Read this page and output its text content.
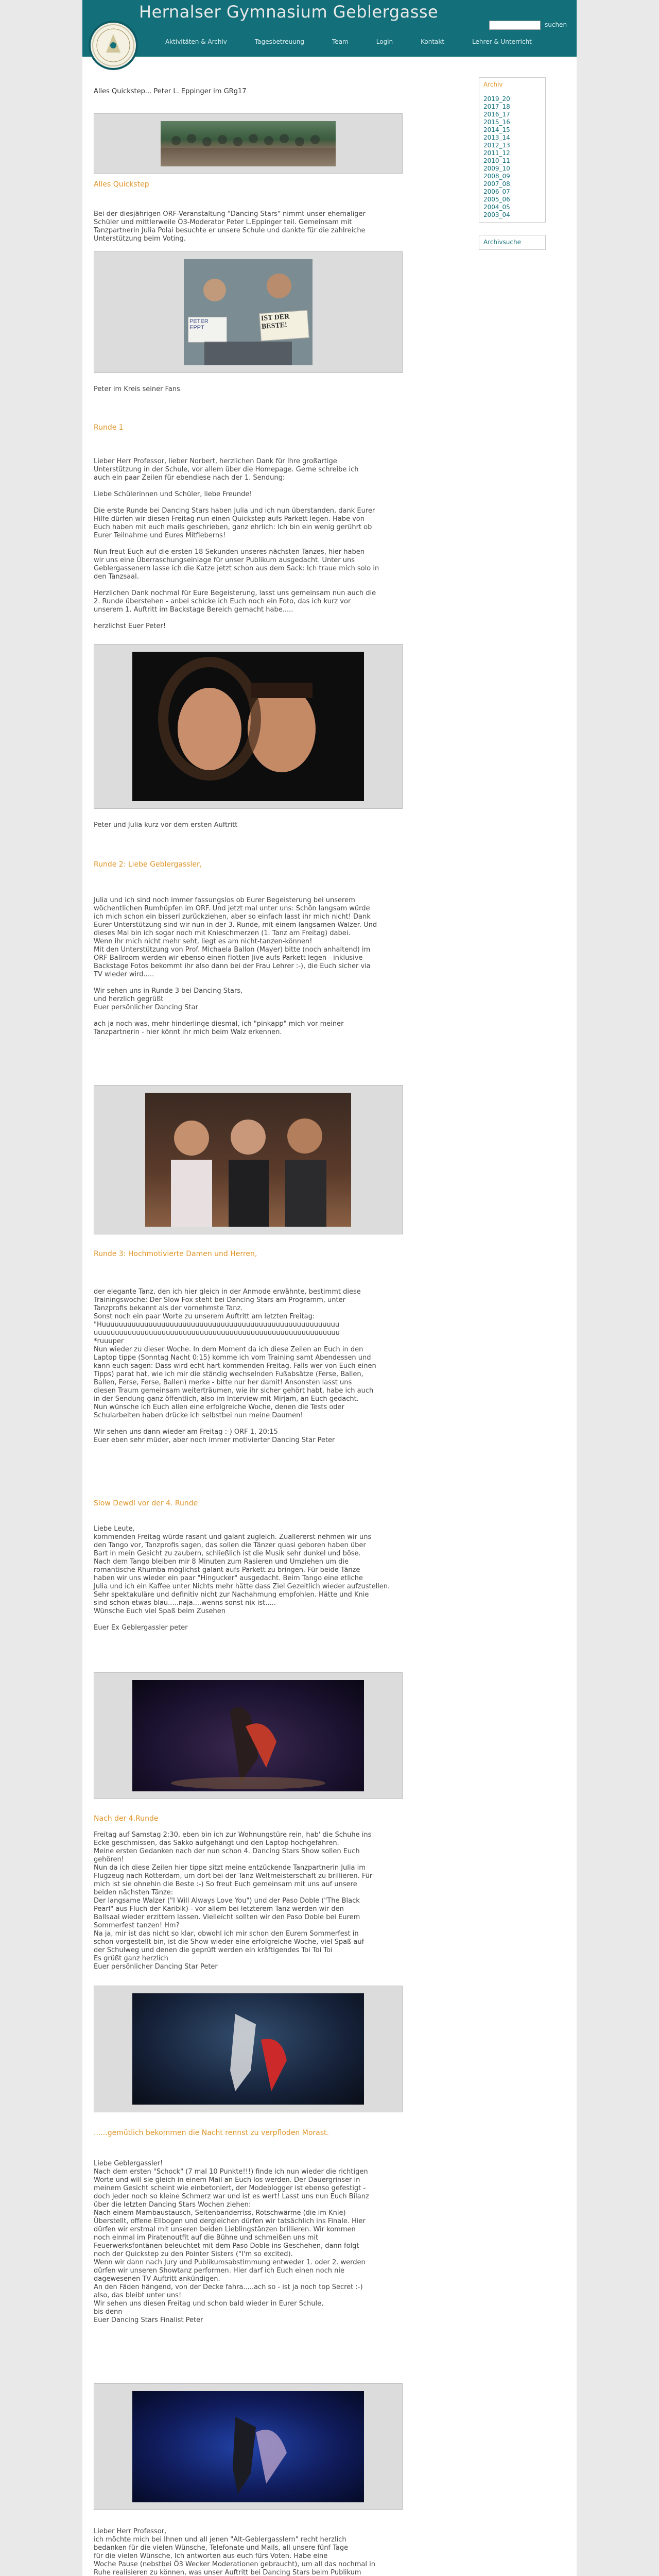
Hernalser Gymnasium Geblergasse
suchen
Aktivitäten & Archiv	Tagesbetreuung	Team	Login	Kontakt	Lehrer & Unterricht
Archiv
2019_20
2017_18
2016_17
2015_16
2014_15
2013_14
2012_13
2011_12
2010_11
2009_10
2008_09
2007_08
2006_07
2005_06
2004_05
2003_04
Archivsuche
Alles Quickstep... Peter L. Eppinger im GRg17
Alles Quickstep
Bei der diesjährigen ORF-Veranstaltung "Dancing Stars" nimmt unser ehemaliger
Schüler und mittlerweile Ö3-Moderator Peter L.Eppinger teil. Gemeinsam mit
Tanzpartnerin Julia Polai besuchte er unsere Schule und dankte für die zahlreiche
Unterstützung beim Voting.
PETER
EPPT
IST DER
BESTE!
Peter im Kreis seiner Fans
Runde 1
Lieber Herr Professor, lieber Norbert, herzlichen Dank für Ihre großartige
Unterstützung in der Schule, vor allem über die Homepage. Gerne schreibe ich
auch ein paar Zeilen für ebendiese nach der 1. Sendung:

Liebe Schülerinnen und Schüler, liebe Freunde!

Die erste Runde bei Dancing Stars haben Julia und ich nun überstanden, dank Eurer
Hilfe dürfen wir diesen Freitag nun einen Quickstep aufs Parkett legen. Habe von
Euch haben mit euch mails geschrieben, ganz ehrlich: Ich bin ein wenig gerührt ob
Eurer Teilnahme und Eures Mitfieberns!

Nun freut Euch auf die ersten 18 Sekunden unseres nächsten Tanzes, hier haben
wir uns eine Überraschungseinlage für unser Publikum ausgedacht. Unter uns
Geblergassenern lasse ich die Katze jetzt schon aus dem Sack: Ich traue mich solo in
den Tanzsaal.

Herzlichen Dank nochmal für Eure Begeisterung, lasst uns gemeinsam nun auch die
2. Runde überstehen - anbei schicke ich Euch noch ein Foto, das ich kurz vor
unserem 1. Auftritt im Backstage Bereich gemacht habe.....

herzlichst Euer Peter!
Peter und Julia kurz vor dem ersten Auftritt
Runde 2: Liebe Geblergassler,
Julia und ich sind noch immer fassungslos ob Eurer Begeisterung bei unserem
wöchentlichen Rumhüpfen im ORF. Und jetzt mal unter uns: Schön langsam würde
ich mich schon ein bisserl zurückziehen, aber so einfach lasst ihr mich nicht! Dank
Eurer Unterstützung sind wir nun in der 3. Runde, mit einem langsamen Walzer. Und
dieses Mal bin ich sogar noch mit Knieschmerzen (1. Tanz am Freitag) dabei.
Wenn ihr mich nicht mehr seht, liegt es am nicht-tanzen-können!
Mit den Unterstützung von Prof. Michaela Ballon (Mayer) bitte (noch anhaltend) im
ORF Ballroom werden wir ebenso einen flotten Jive aufs Parkett legen - inklusive
Backstage Fotos bekommt ihr also dann bei der Frau Lehrer :-), die Euch sicher via
TV wieder wird.....

Wir sehen uns in Runde 3 bei Dancing Stars,
und herzlich gegrüßt
Euer persönlicher Dancing Star

ach ja noch was, mehr hinderlinge diesmal, ich "pinkapp" mich vor meiner
Tanzpartnerin - hier könnt ihr mich beim Walz erkennen.
Runde 3: Hochmotivierte Damen und Herren,
der elegante Tanz, den ich hier gleich in der Anmode erwähnte, bestimmt diese
Trainingswoche: Der Slow Fox steht bei Dancing Stars am Programm, unter
Tanzprofis bekannt als der vornehmste Tanz.
Sonst noch ein paar Worte zu unserem Auftritt am letzten Freitag:
"Huuuuuuuuuuuuuuuuuuuuuuuuuuuuuuuuuuuuuuuuuuuuuuuuuuuuuuuu
uuuuuuuuuuuuuuuuuuuuuuuuuuuuuuuuuuuuuuuuuuuuuuuuuuuuuuuuuu
*ruuuper
Nun wieder zu dieser Woche. In dem Moment da ich diese Zeilen an Euch in den
Laptop tippe (Sonntag Nacht 0:15) komme ich vom Training samt Abendessen und
kann euch sagen: Dass wird echt hart kommenden Freitag. Falls wer von Euch einen
Tipps) parat hat, wie ich mir die ständig wechselnden Fußabsätze (Ferse, Ballen,
Ballen, Ferse, Ferse, Ballen) merke - bitte nur her damit! Ansonsten lasst uns
diesen Traum gemeinsam weiterträumen, wie ihr sicher gehört habt, habe ich auch
in der Sendung ganz öffentlich, also im Interview mit Mirjam, an Euch gedacht.
Nun wünsche ich Euch allen eine erfolgreiche Woche, denen die Tests oder
Schularbeiten haben drücke ich selbstbei nun meine Daumen!

Wir sehen uns dann wieder am Freitag :-) ORF 1, 20:15
Euer eben sehr müder, aber noch immer motivierter Dancing Star Peter
Slow Dewdl vor der 4. Runde
Liebe Leute,
kommenden Freitag würde rasant und galant zugleich. Zuallererst nehmen wir uns
den Tango vor, Tanzprofis sagen, das sollen die Tänzer quasi geboren haben über
Bart in mein Gesicht zu zaubern, schließlich ist die Musik sehr dunkel und böse.
Nach dem Tango bleiben mir 8 Minuten zum Rasieren und Umziehen um die
romantische Rhumba möglichst galant aufs Parkett zu bringen. Für beide Tänze
haben wir uns wieder ein paar "Hingucker" ausgedacht. Beim Tango eine etliche
Julia und ich ein Kaffee unter Nichts mehr hätte dass Ziel Gezeitlich wieder aufzustellen.
Sehr spektakuläre und definitiv nicht zur Nachahmung empfohlen. Hätte und Knie
sind schon etwas blau.....naja....wenns sonst nix ist.....
Wünsche Euch viel Spaß beim Zusehen

Euer Ex Geblergassler peter
Nach der 4.Runde
Freitag auf Samstag 2:30, eben bin ich zur Wohnungstüre rein, hab' die Schuhe ins
Ecke geschmissen, das Sakko aufgehängt und den Laptop hochgefahren.
Meine ersten Gedanken nach der nun schon 4. Dancing Stars Show sollen Euch
gehören!
Nun da ich diese Zeilen hier tippe sitzt meine entzückende Tanzpartnerin Julia im
Flugzeug nach Rotterdam, um dort bei der Tanz Weltmeisterschaft zu brillieren. Für
mich ist sie ohnehin die Beste :-) So freut Euch gemeinsam mit uns auf unsere
beiden nächsten Tänze:
Der langsame Walzer ("I Will Always Love You") und der Paso Doble ("The Black
Pearl" aus Fluch der Karibik) - vor allem bei letzterem Tanz werden wir den
Ballsaal wieder erzittern lassen. Vielleicht sollten wir den Paso Doble bei Eurem
Sommerfest tanzen! Hm?
Na ja, mir ist das nicht so klar, obwohl ich mir schon den Eurem Sommerfest in
schon vorgestellt bin, ist die Show wieder eine erfolgreiche Woche, viel Spaß auf
der Schulweg und denen die geprüft werden ein kräftigendes Toi Toi Toi
Es grüßt ganz herzlich
Euer persönlicher Dancing Star Peter
......gemütlich bekommen die Nacht rennst zu verpfloden Morast.
Liebe Geblergassler!
Nach dem ersten "Schock" (7 mal 10 Punkte!!!) finde ich nun wieder die richtigen
Worte und will sie gleich in einem Mail an Euch los werden. Der Dauergrinser in
meinem Gesicht scheint wie einbetoniert, der Modeblogger ist ebenso gefestigt -
doch Jeder noch so kleine Schmerz war und ist es wert! Lasst uns nun Euch Bilanz
über die letzten Dancing Stars Wochen ziehen:
Nach einem Mambaustausch, Seitenbanderriss, Rotschwärme (die im Knie)
Überstellt, offene Ellbogen und dergleichen dürfen wir tatsächlich ins Finale. Hier
dürfen wir erstmal mit unseren beiden Lieblingstänzen brillieren. Wir kommen
noch einmal im Piratenoutfit auf die Bühne und schmeißen uns mit
Feuerwerksfontänen beleuchtet mit dem Paso Doble ins Geschehen, dann folgt
noch der Quickstep zu den Pointer Sisters ("I'm so excited).
Wenn wir dann nach Jury und Publikumsabstimmung entweder 1. oder 2. werden
dürfen wir unseren Showtanz performen. Hier darf ich Euch einen noch nie
dagewesenen TV Auftritt ankündigen.
An den Fäden hängend, von der Decke fahra.....ach so - ist ja noch top Secret :-)
also, das bleibt unter uns!
Wir sehen uns diesen Freitag und schon bald wieder in Eurer Schule,
bis denn
Euer Dancing Stars Finalist Peter
Lieber Herr Professor,
ich möchte mich bei Ihnen und all jenen "Alt-Geblergasslern" recht herzlich
bedanken für die vielen Wünsche, Telefonate und Mails, all unsere fünf Tage
für die vielen Wünsche, Ich antworten aus euch fürs Voten. Habe eine
Woche Pause (nebstbei Ö3 Wecker Moderationen gebraucht), um all das nochmal in
Ruhe realisieren zu können, was unser Auftritt bei Dancing Stars beim Publikum
